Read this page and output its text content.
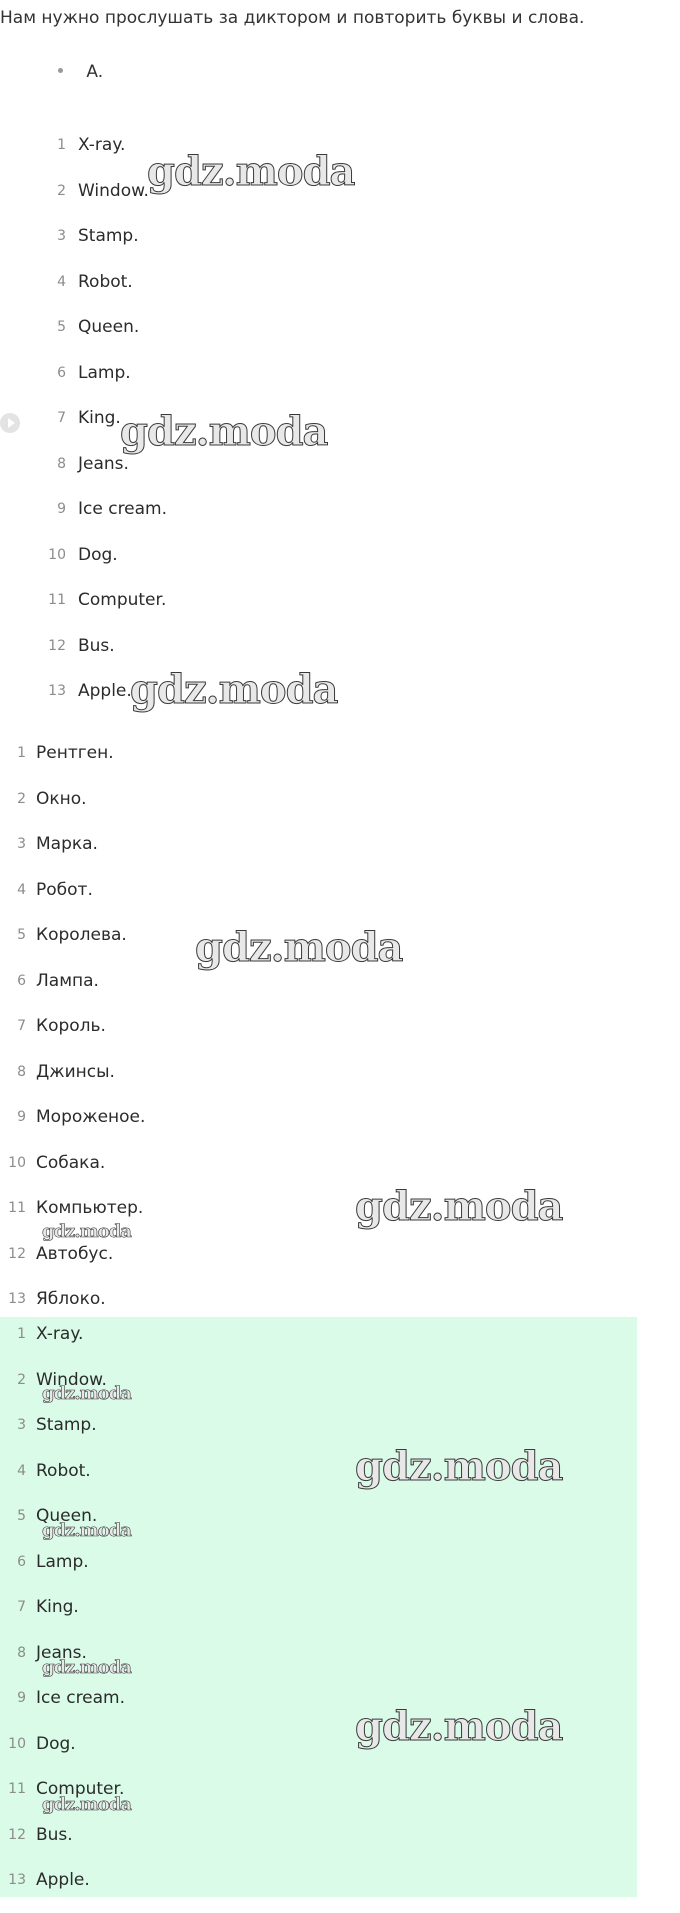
Нам нужно прослушать за диктором и повторить буквы и слова.
A.
1 X-ray.
2 Window.
3 Stamp.
4 Robot.
5 Queen.
6 Lamp.
7 King.
8 Jeans.
9 Ice cream.
10 Dog.
11 Computer.
12 Bus.
13 Apple.
1 Рентген.
2 Окно.
3 Марка.
4 Робот.
5 Королева.
6 Лампа.
7 Король.
8 Джинсы.
9 Мороженое.
10 Собака.
11 Компьютер.
12 Автобус.
13 Яблоко.
1 X-ray.
2 Window.
3 Stamp.
4 Robot.
5 Queen.
6 Lamp.
7 King.
8 Jeans.
9 Ice cream.
10 Dog.
11 Computer.
12 Bus.
13 Apple.
gdz.moda
gdz.moda
gdz.moda
gdz.moda
gdz.moda
gdz.moda
gdz.moda
gdz.moda
gdz.moda
gdz.moda
gdz.moda
gdz.moda
